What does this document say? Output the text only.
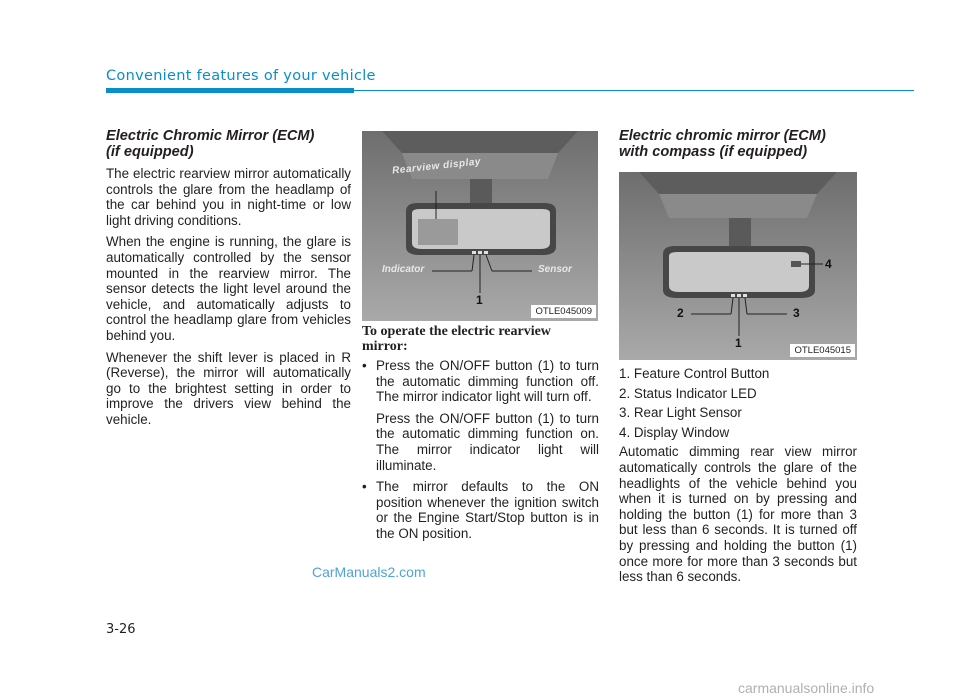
Convenient features of your vehicle
Electric Chromic Mirror (ECM)
(if equipped)

The electric rearview mirror automatically controls the glare from the headlamp of the car behind you in night-time or low light driving conditions.

When the engine is running, the glare is automatically controlled by the sensor mounted in the rearview mirror. The sensor detects the light level around the vehicle, and automatically adjusts to control the headlamp glare from vehicles behind you.

Whenever the shift lever is placed in R (Reverse), the mirror will automatically go to the brightest setting in order to improve the drivers view behind the vehicle.

Rearview display
Indicator	Sensor
1
OTLE045009
To operate the electric rearview
mirror:
• Press the ON/OFF button (1) to turn the automatic dimming function off. The mirror indicator light will turn off.
Press the ON/OFF button (1) to turn the automatic dimming function on. The mirror indicator light will illuminate.
• The mirror defaults to the ON position whenever the ignition switch or the Engine Start/Stop button is in the ON position.
Electric chromic mirror (ECM)
with compass (if equipped)
2	3
1
4
OTLE045015
1. Feature Control Button
2. Status Indicator LED
3. Rear Light Sensor
4. Display Window

Automatic dimming rear view mirror automatically controls the glare of the headlights of the vehicle behind you when it is turned on by pressing and holding the button (1) for more than 3 but less than 6 seconds. It is turned off by pressing and holding the button (1) once more for more than 3 seconds but less than 6 seconds.

3-26
CarManuals2.com
carmanualsonline.info
